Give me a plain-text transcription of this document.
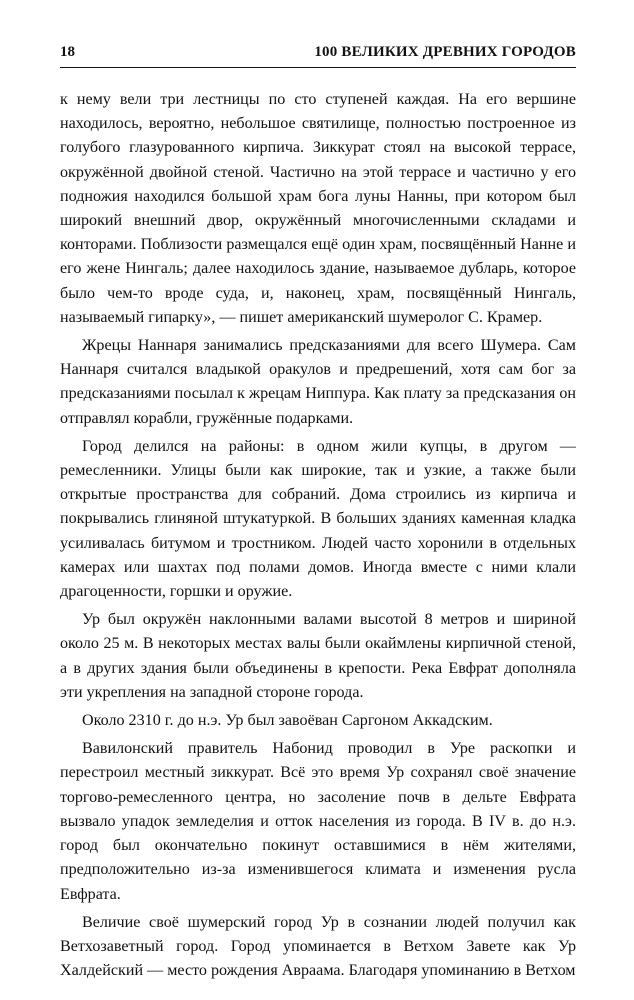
18	100 ВЕЛИКИХ ДРЕВНИХ ГОРОДОВ

к нему вели три лестницы по сто ступеней каждая. На его вершине находилось, вероятно, небольшое святилище, полностью построенное из голубого глазурованного кирпича. Зиккурат стоял на высокой террасе, окружённой двойной стеной. Частично на этой террасе и частично у его подножия находился большой храм бога луны Нанны, при котором был широкий внешний двор, окружённый многочисленными складами и конторами. Поблизости размещался ещё один храм, посвящённый Нанне и его жене Нингаль; далее находилось здание, называемое дубларь, которое было чем-то вроде суда, и, наконец, храм, посвящённый Нингаль, называемый гипарку», — пишет американский шумеролог С. Крамер.

Жрецы Наннаря занимались предсказаниями для всего Шумера. Сам Наннаря считался владыкой оракулов и предрешений, хотя сам бог за предсказаниями посылал к жрецам Ниппура. Как плату за предсказания он отправлял корабли, гружённые подарками.

Город делился на районы: в одном жили купцы, в другом — ремесленники. Улицы были как широкие, так и узкие, а также были открытые пространства для собраний. Дома строились из кирпича и покрывались глиняной штукатуркой. В больших зданиях каменная кладка усиливалась битумом и тростником. Людей часто хоронили в отдельных камерах или шахтах под полами домов. Иногда вместе с ними клали драгоценности, горшки и оружие.

Ур был окружён наклонными валами высотой 8 метров и шириной около 25 м. В некоторых местах валы были окаймлены кирпичной стеной, а в других здания были объединены в крепости. Река Евфрат дополняла эти укрепления на западной стороне города.

Около 2310 г. до н.э. Ур был завоёван Саргоном Аккадским.

Вавилонский правитель Набонид проводил в Уре раскопки и перестроил местный зиккурат. Всё это время Ур сохранял своё значение торгово-ремесленного центра, но засоление почв в дельте Евфрата вызвало упадок земледелия и отток населения из города. В IV в. до н.э. город был окончательно покинут оставшимися в нём жителями, предположительно из-за изменившегося климата и изменения русла Евфрата.

Величие своё шумерский город Ур в сознании людей получил как Ветхозаветный город. Город упоминается в Ветхом Завете как Ур Халдейский — место рождения Авраама. Благодаря упоминанию в Ветхом
